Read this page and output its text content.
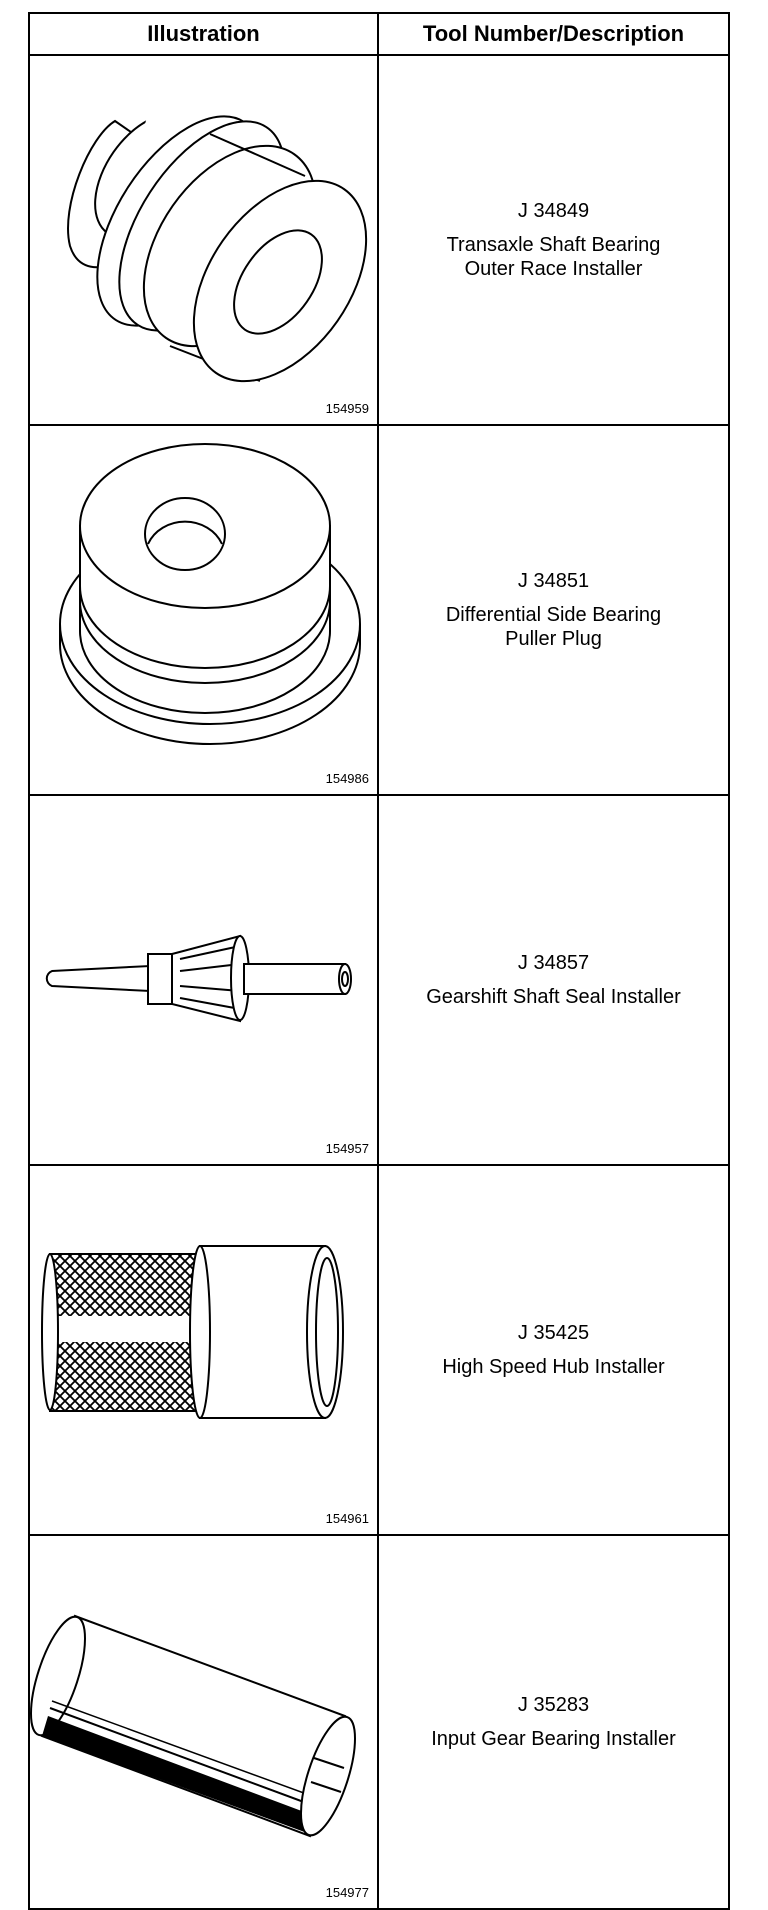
Illustration	Tool Number/Description
154959
J 34849
Transaxle Shaft Bearing
Outer Race Installer
154986
J 34851
Differential Side Bearing
Puller Plug
154957
J 34857
Gearshift Shaft Seal Installer
154961
J 35425
High Speed Hub Installer
154977
J 35283
Input Gear Bearing Installer
